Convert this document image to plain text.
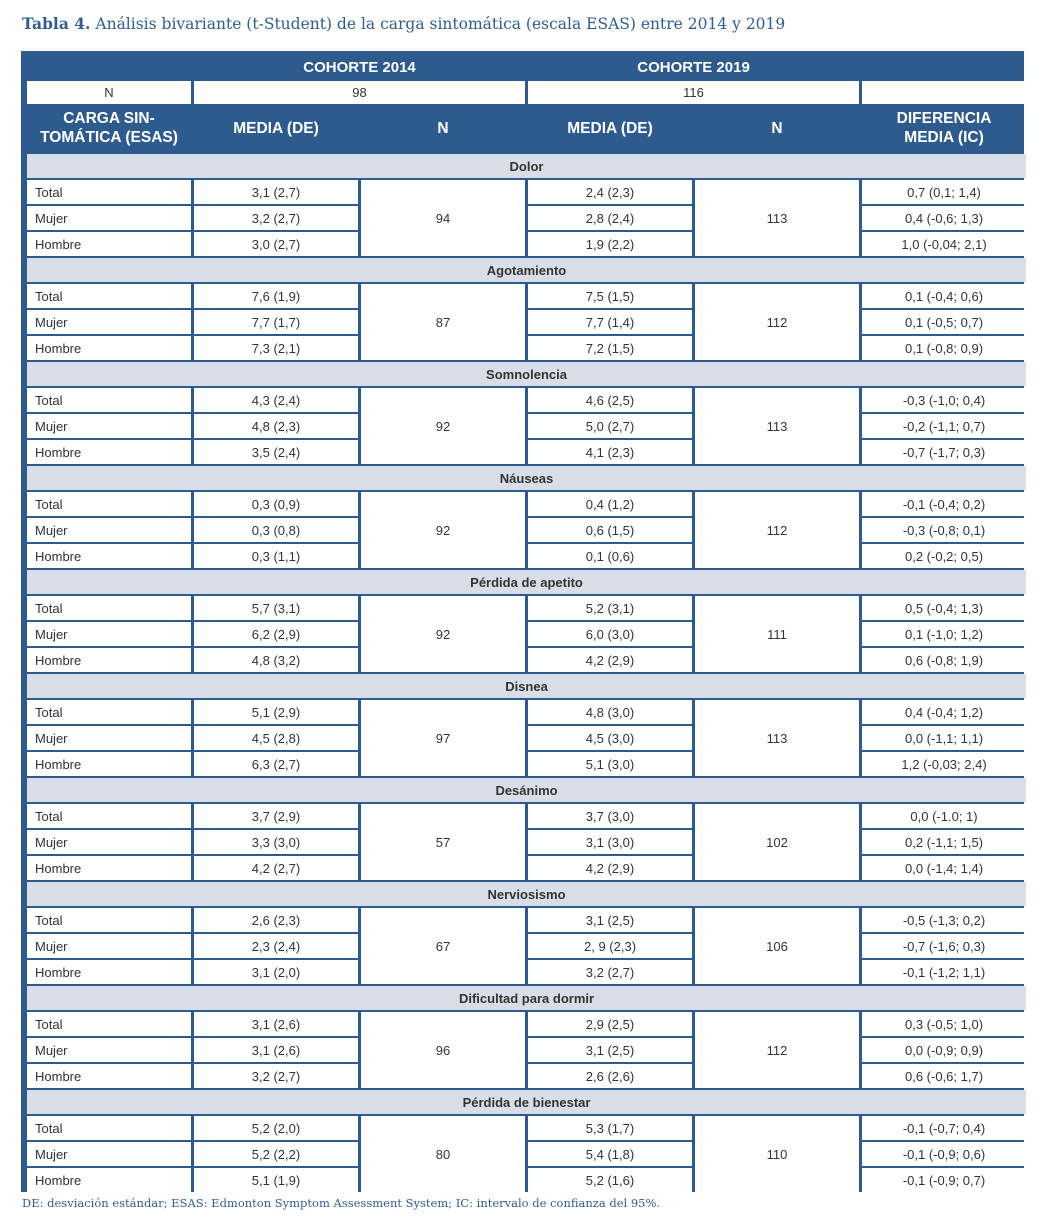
Tabla 4. Análisis bivariante (t-Student) de la carga sintomática (escala ESAS) entre 2014 y 2019
	COHORTE 2014		COHORTE 2019		
N	98		116		
CARGA SIN-
TOMÁTICA (ESAS)	MEDIA (DE)	N	MEDIA (DE)	N	DIFERENCIA
MEDIA (IC)
Dolor					
Total	3,1 (2,7)	94	2,4 (2,3)	113	0,7 (0,1; 1,4)
Mujer	3,2 (2,7)		2,8 (2,4)		0,4 (-0,6; 1,3)
Hombre	3,0 (2,7)		1,9 (2,2)		1,0 (-0,04; 2,1)
Agotamiento					
Total	7,6 (1,9)	87	7,5 (1,5)	112	0,1 (-0,4; 0,6)
Mujer	7,7 (1,7)		7,7 (1,4)		0,1 (-0,5; 0,7)
Hombre	7,3 (2,1)		7,2 (1,5)		0,1 (-0,8; 0,9)
Somnolencia					
Total	4,3 (2,4)	92	4,6 (2,5)	113	-0,3 (-1,0; 0,4)
Mujer	4,8 (2,3)		5,0 (2,7)		-0,2 (-1,1; 0,7)
Hombre	3,5 (2,4)		4,1 (2,3)		-0,7 (-1,7; 0,3)
Náuseas					
Total	0,3 (0,9)	92	0,4 (1,2)	112	-0,1 (-0,4; 0,2)
Mujer	0,3 (0,8)		0,6 (1,5)		-0,3 (-0,8; 0,1)
Hombre	0,3 (1,1)		0,1 (0,6)		0,2 (-0,2; 0,5)
Pérdida de apetito					
Total	5,7 (3,1)	92	5,2 (3,1)	111	0,5 (-0,4; 1,3)
Mujer	6,2 (2,9)		6,0 (3,0)		0,1 (-1,0; 1,2)
Hombre	4,8 (3,2)		4,2 (2,9)		0,6 (-0,8; 1,9)
Disnea					
Total	5,1 (2,9)	97	4,8 (3,0)	113	0,4 (-0,4; 1,2)
Mujer	4,5 (2,8)		4,5 (3,0)		0,0 (-1,1; 1,1)
Hombre	6,3 (2,7)		5,1 (3,0)		1,2 (-0,03; 2,4)
Desánimo					
Total	3,7 (2,9)	57	3,7 (3,0)	102	0,0 (-1.0; 1)
Mujer	3,3 (3,0)		3,1 (3,0)		0,2 (-1,1; 1,5)
Hombre	4,2 (2,7)		4,2 (2,9)		0,0 (-1,4; 1,4)
Nerviosismo					
Total	2,6 (2,3)	67	3,1 (2,5)	106	-0,5 (-1,3; 0,2)
Mujer	2,3 (2,4)		2, 9 (2,3)		-0,7 (-1,6; 0,3)
Hombre	3,1 (2,0)		3,2 (2,7)		-0,1 (-1,2; 1,1)
Dificultad para dormir					
Total	3,1 (2,6)	96	2,9 (2,5)	112	0,3 (-0,5; 1,0)
Mujer	3,1 (2,6)		3,1 (2,5)		0,0 (-0,9; 0,9)
Hombre	3,2 (2,7)		2,6 (2,6)		0,6 (-0,6; 1,7)
Pérdida de bienestar					
Total	5,2 (2,0)	80	5,3 (1,7)	110	-0,1 (-0,7; 0,4)
Mujer	5,2 (2,2)		5,4 (1,8)		-0,1 (-0,9; 0,6)
Hombre	5,1 (1,9)		5,2 (1,6)		-0,1 (-0,9; 0,7)
DE: desviación estándar; ESAS: Edmonton Symptom Assessment System; IC: intervalo de confianza del 95%.
